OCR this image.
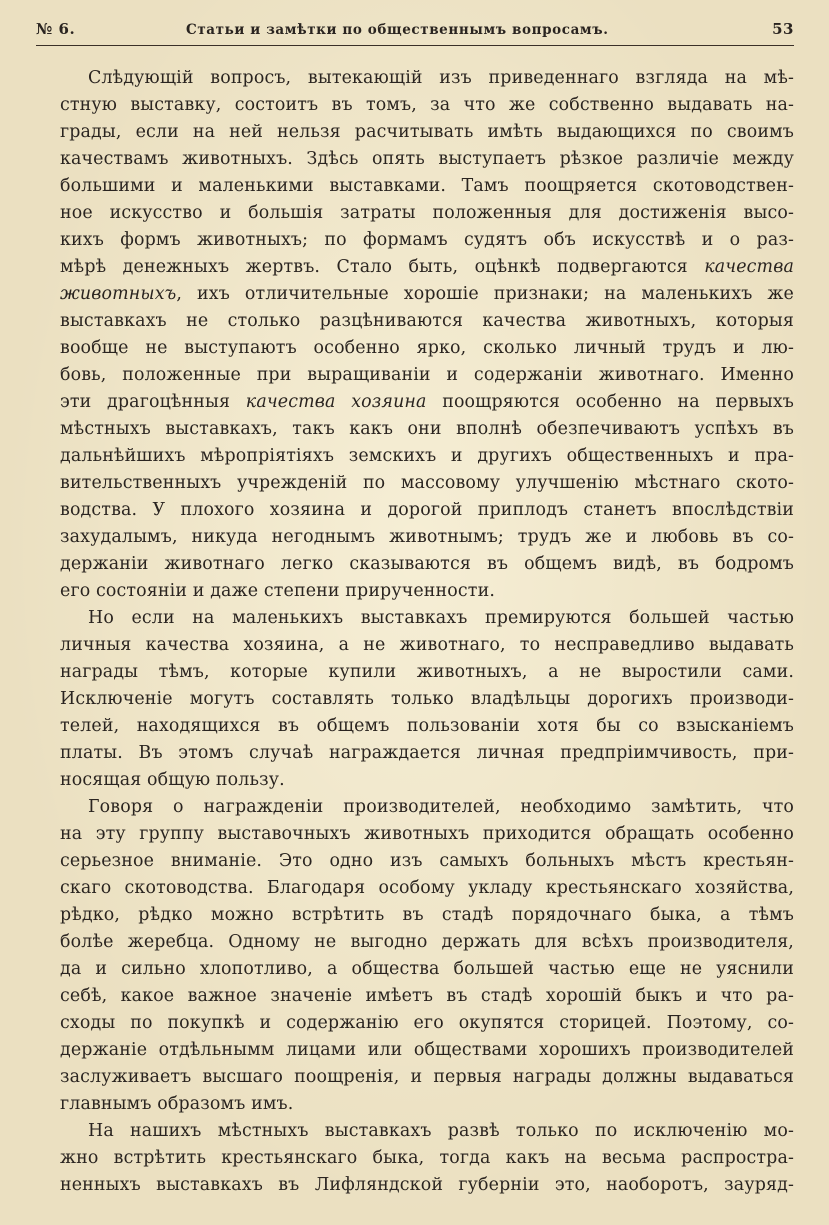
№ 6.	Статьи и замѣтки по общественнымъ вопросамъ.	53
Слѣдующій вопросъ, вытекающій изъ приведеннаго взгляда на мѣ-
стную выставку, состоитъ въ томъ, за что же собственно выдавать на-
грады, если на ней нельзя расчитывать имѣть выдающихся по своимъ
качествамъ животныхъ. Здѣсь опять выступаетъ рѣзкое различіе между
большими и маленькими выставками. Тамъ поощряется скотоводствен-
ное искусство и большія затраты положенныя для достиженія высо-
кихъ формъ животныхъ; по формамъ судятъ объ искусствѣ и о раз-
мѣрѣ денежныхъ жертвъ. Стало быть, оцѣнкѣ подвергаются качества
животныхъ, ихъ отличительные хорошіе признаки; на маленькихъ же
выставкахъ не столько разцѣниваются качества животныхъ, которыя
вообще не выступаютъ особенно ярко, сколько личный трудъ и лю-
бовь, положенные при выращиваніи и содержаніи животнаго. Именно
эти драгоцѣнныя качества хозяина поощряются особенно на первыхъ
мѣстныхъ выставкахъ, такъ какъ они вполнѣ обезпечиваютъ успѣхъ въ
дальнѣйшихъ мѣропріятіяхъ земскихъ и другихъ общественныхъ и пра-
вительственныхъ учрежденій по массовому улучшенію мѣстнаго ското-
водства. У плохого хозяина и дорогой приплодъ станетъ впослѣдствіи
захудалымъ, никуда негоднымъ животнымъ; трудъ же и любовь въ со-
держаніи животнаго легко сказываются въ общемъ видѣ, въ бодромъ
его состояніи и даже степени прирученности.
Но если на маленькихъ выставкахъ премируются большей частью
личныя качества хозяина, а не животнаго, то несправедливо выдавать
награды тѣмъ, которые купили животныхъ, а не выростили сами.
Исключеніе могутъ составлять только владѣльцы дорогихъ производи-
телей, находящихся въ общемъ пользованіи хотя бы со взысканіемъ
платы. Въ этомъ случаѣ награждается личная предпріимчивость, при-
носящая общую пользу.
Говоря о награжденіи производителей, необходимо замѣтить, что
на эту группу выставочныхъ животныхъ приходится обращать особенно
серьезное вниманіе. Это одно изъ самыхъ больныхъ мѣстъ крестьян-
скаго скотоводства. Благодаря особому укладу крестьянскаго хозяйства,
рѣдко, рѣдко можно встрѣтить въ стадѣ порядочнаго быка, а тѣмъ
болѣе жеребца. Одному не выгодно держать для всѣхъ производителя,
да и сильно хлопотливо, а общества большей частью еще не уяснили
себѣ, какое важное значеніе имѣетъ въ стадѣ хорошій быкъ и что ра-
сходы по покупкѣ и содержанію его окупятся сторицей. Поэтому, со-
держаніе отдѣльнымм лицами или обществами хорошихъ производителей
заслуживаетъ высшаго поощренія, и первыя награды должны выдаваться
главнымъ образомъ имъ.
На нашихъ мѣстныхъ выставкахъ развѣ только по исключенію мо-
жно встрѣтить крестьянскаго быка, тогда какъ на весьма распростра-
ненныхъ выставкахъ въ Лифляндской губерніи это, наоборотъ, зауряд-
